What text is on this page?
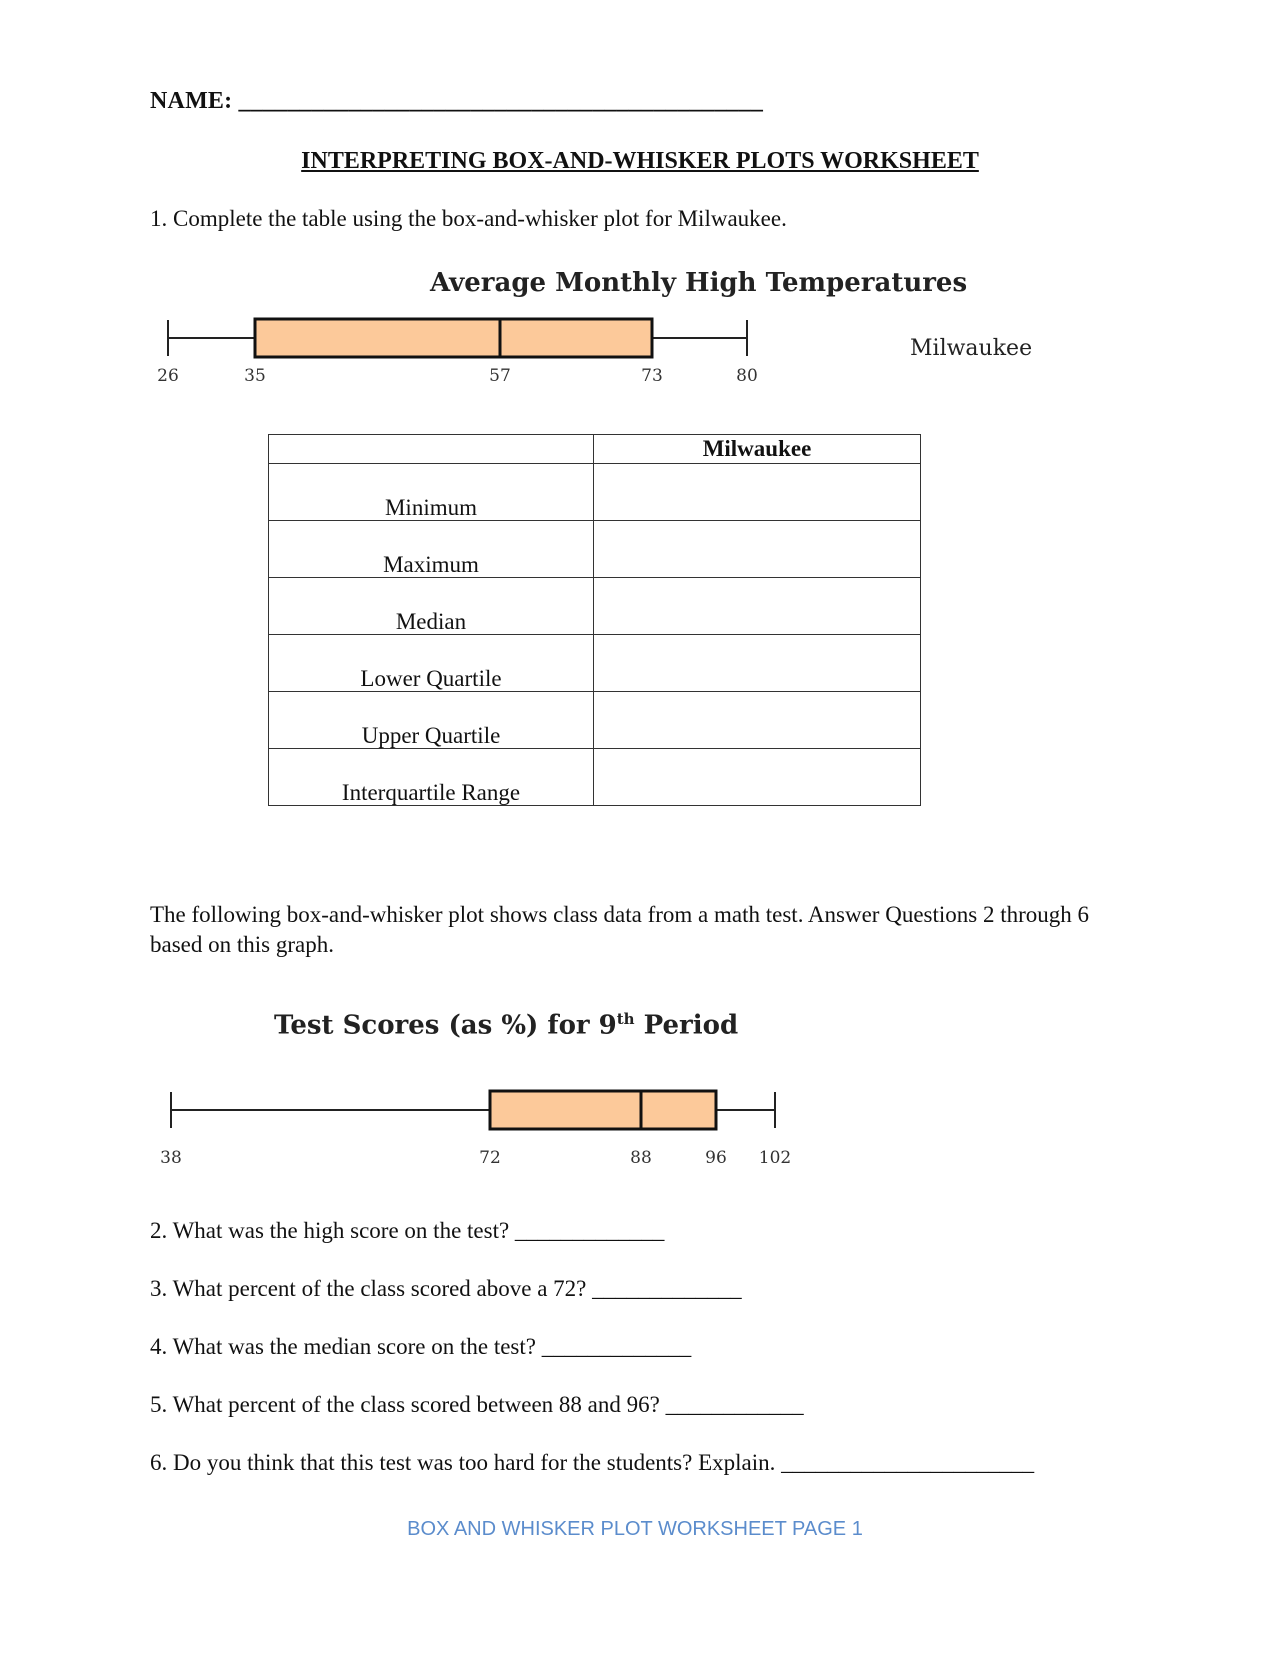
NAME: ___________________________________________
INTERPRETING BOX-AND-WHISKER PLOTS WORKSHEET
1. Complete the table using the box-and-whisker plot for Milwaukee.
Average Monthly High Temperatures
Milwaukee
26	35	57	73	80
38	72	88	96 102
	Milwaukee
Minimum	
Maximum	
Median	
Lower Quartile	
Upper Quartile	
Interquartile Range	
The following box-and-whisker plot shows class data from a math test. Answer Questions 2 through 6 based on this graph.
Test Scores (as %) for 9th Period
2. What was the high score on the test? _____________
3. What percent of the class scored above a 72? _____________
4. What was the median score on the test? _____________
5. What percent of the class scored between 88 and 96? ____________
6. Do you think that this test was too hard for the students? Explain. ______________________
BOX AND WHISKER PLOT WORKSHEET PAGE 1
